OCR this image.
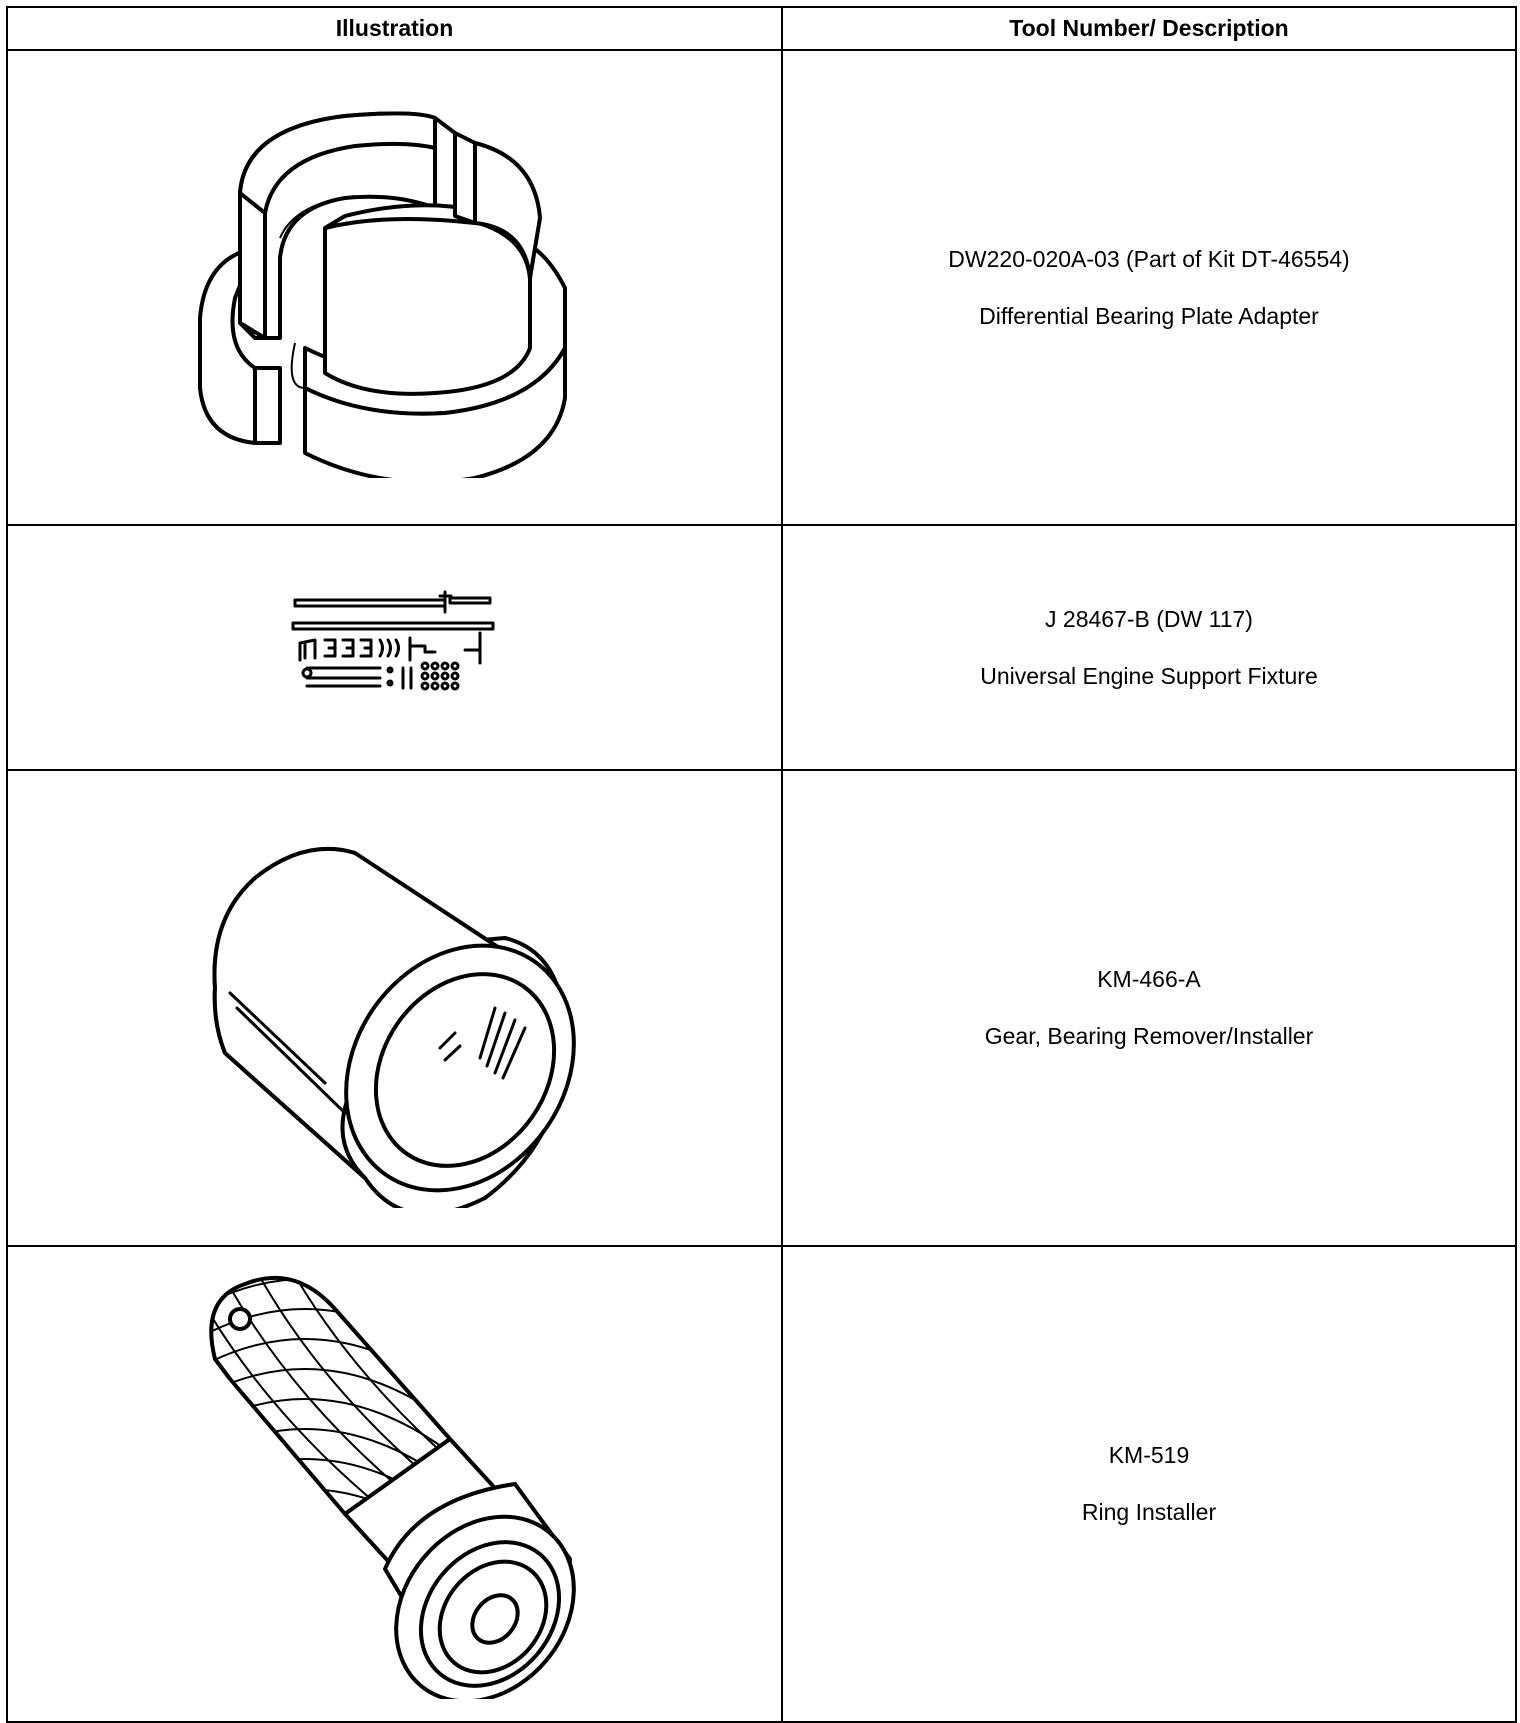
Illustration	Tool Number/ Description

DW220-020A-03 (Part of Kit DT-46554)
Differential Bearing Plate Adapter

J 28467-B (DW 117)
Universal Engine Support Fixture

KM-466-A
Gear, Bearing Remover/Installer

KM-519
Ring Installer
